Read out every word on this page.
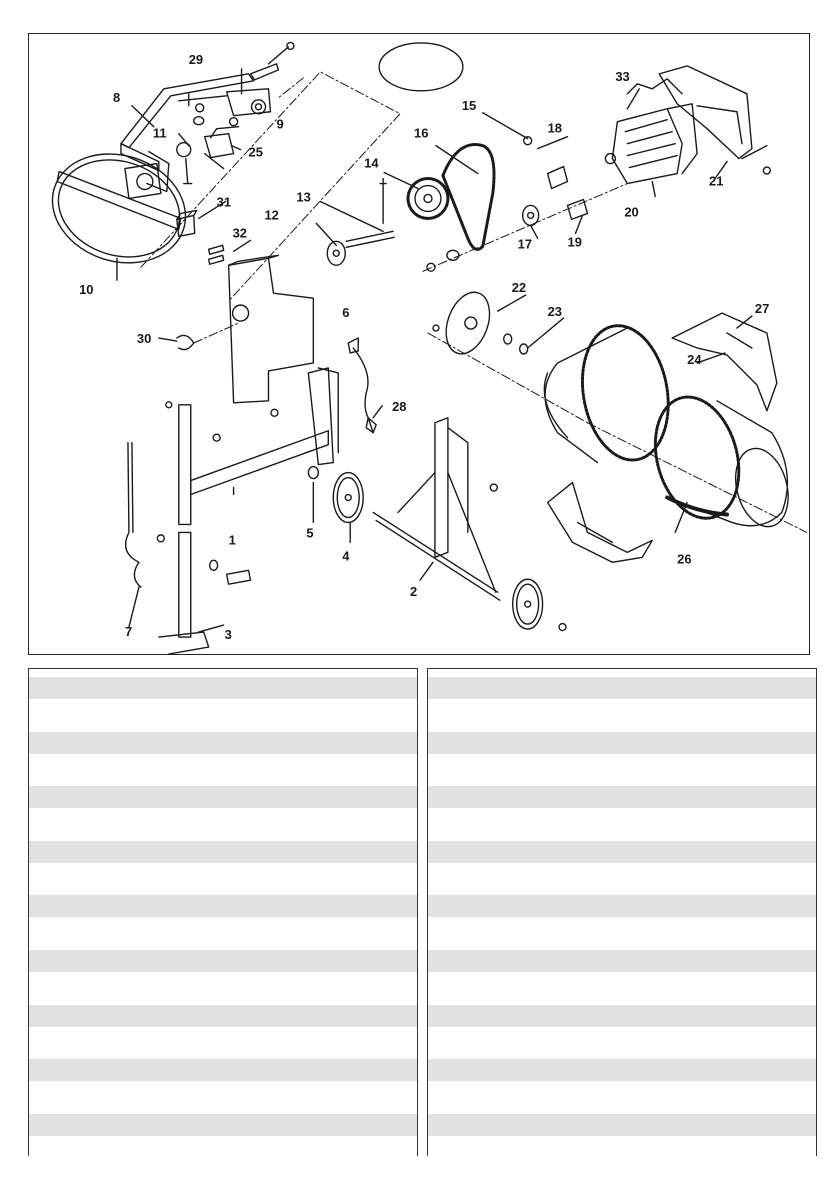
1
2
3
4
5
6
7
8
9
10
11
12
13
14
15
16
17
18
19
20
21
22
23
24
25
26
27
28
29
30
31
32
33
